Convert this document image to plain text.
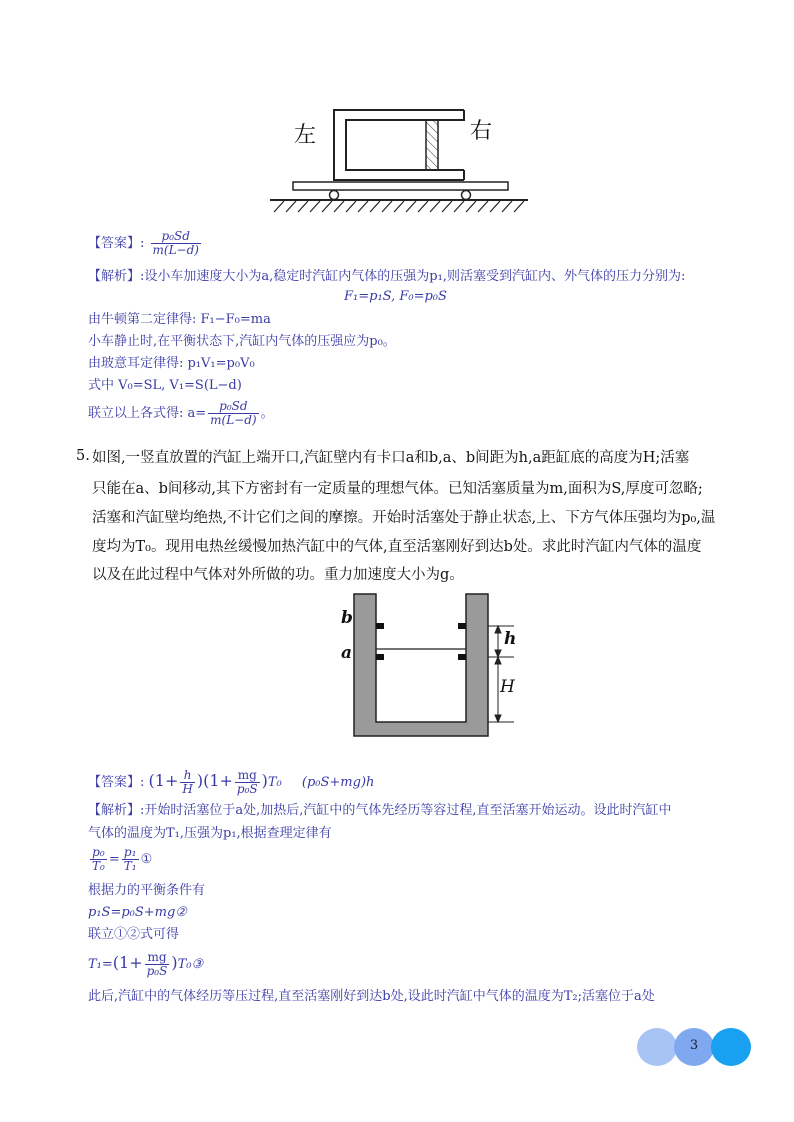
左	右
【答案】: $\frac{\text{p₀Sd}}{m(L-d)}$
【解析】:设小车加速度大小为a,稳定时汽缸内气体的压强为p₁,则活塞受到汽缸内、外气体的压力分别为:
F₁=p₁S, F₀=p₀S
由牛顿第二定律得: F₁−F₀=ma
小车静止时,在平衡状态下,汽缸内气体的压强应为p₀。
由玻意耳定律得: p₁V₁=p₀V₀
式中 V₀=SL, V₁=S(L−d)
联立以上各式得: $a= \frac{\text{p₀Sd}}{m(L-d)}$ 。
5. 如图,一竖直放置的汽缸上端开口,汽缸壁内有卡口a和b,a、b间距为h,a距缸底的高度为H;活塞
只能在a、b间移动,其下方密封有一定质量的理想气体。已知活塞质量为m,面积为S,厚度可忽略;
活塞和汽缸壁均绝热,不计它们之间的摩擦。开始时活塞处于静止状态,上、下方气体压强均为p₀,温
度均为T₀。现用电热丝缓慢加热汽缸中的气体,直至活塞刚好到达b处。求此时汽缸内气体的温度
以及在此过程中气体对外所做的功。重力加速度大小为g。
b
a
h
H
【答案】: $(1+ \frac{h}{H} )(1+ \frac{mg}{\text{p₀S}} )T_0$ (p₀S+mg)h
【解析】:开始时活塞位于a处,加热后,汽缸中的气体先经历等容过程,直至活塞开始运动。设此时汽缸中
气体的温度为T₁,压强为p₁,根据查理定律有
$\frac{\text{p₀}}{\text{T₀}} = \frac{\text{p₁}}{\text{T₁}}$ ①
根据力的平衡条件有
p₁S=p₀S+mg②
联立①②式可得
$T_1=(1+ \frac{mg}{\text{p₀S}}$ )T₀③
此后,汽缸中的气体经历等压过程,直至活塞刚好到达b处,设此时汽缸中气体的温度为T₂;活塞位于a处
3
